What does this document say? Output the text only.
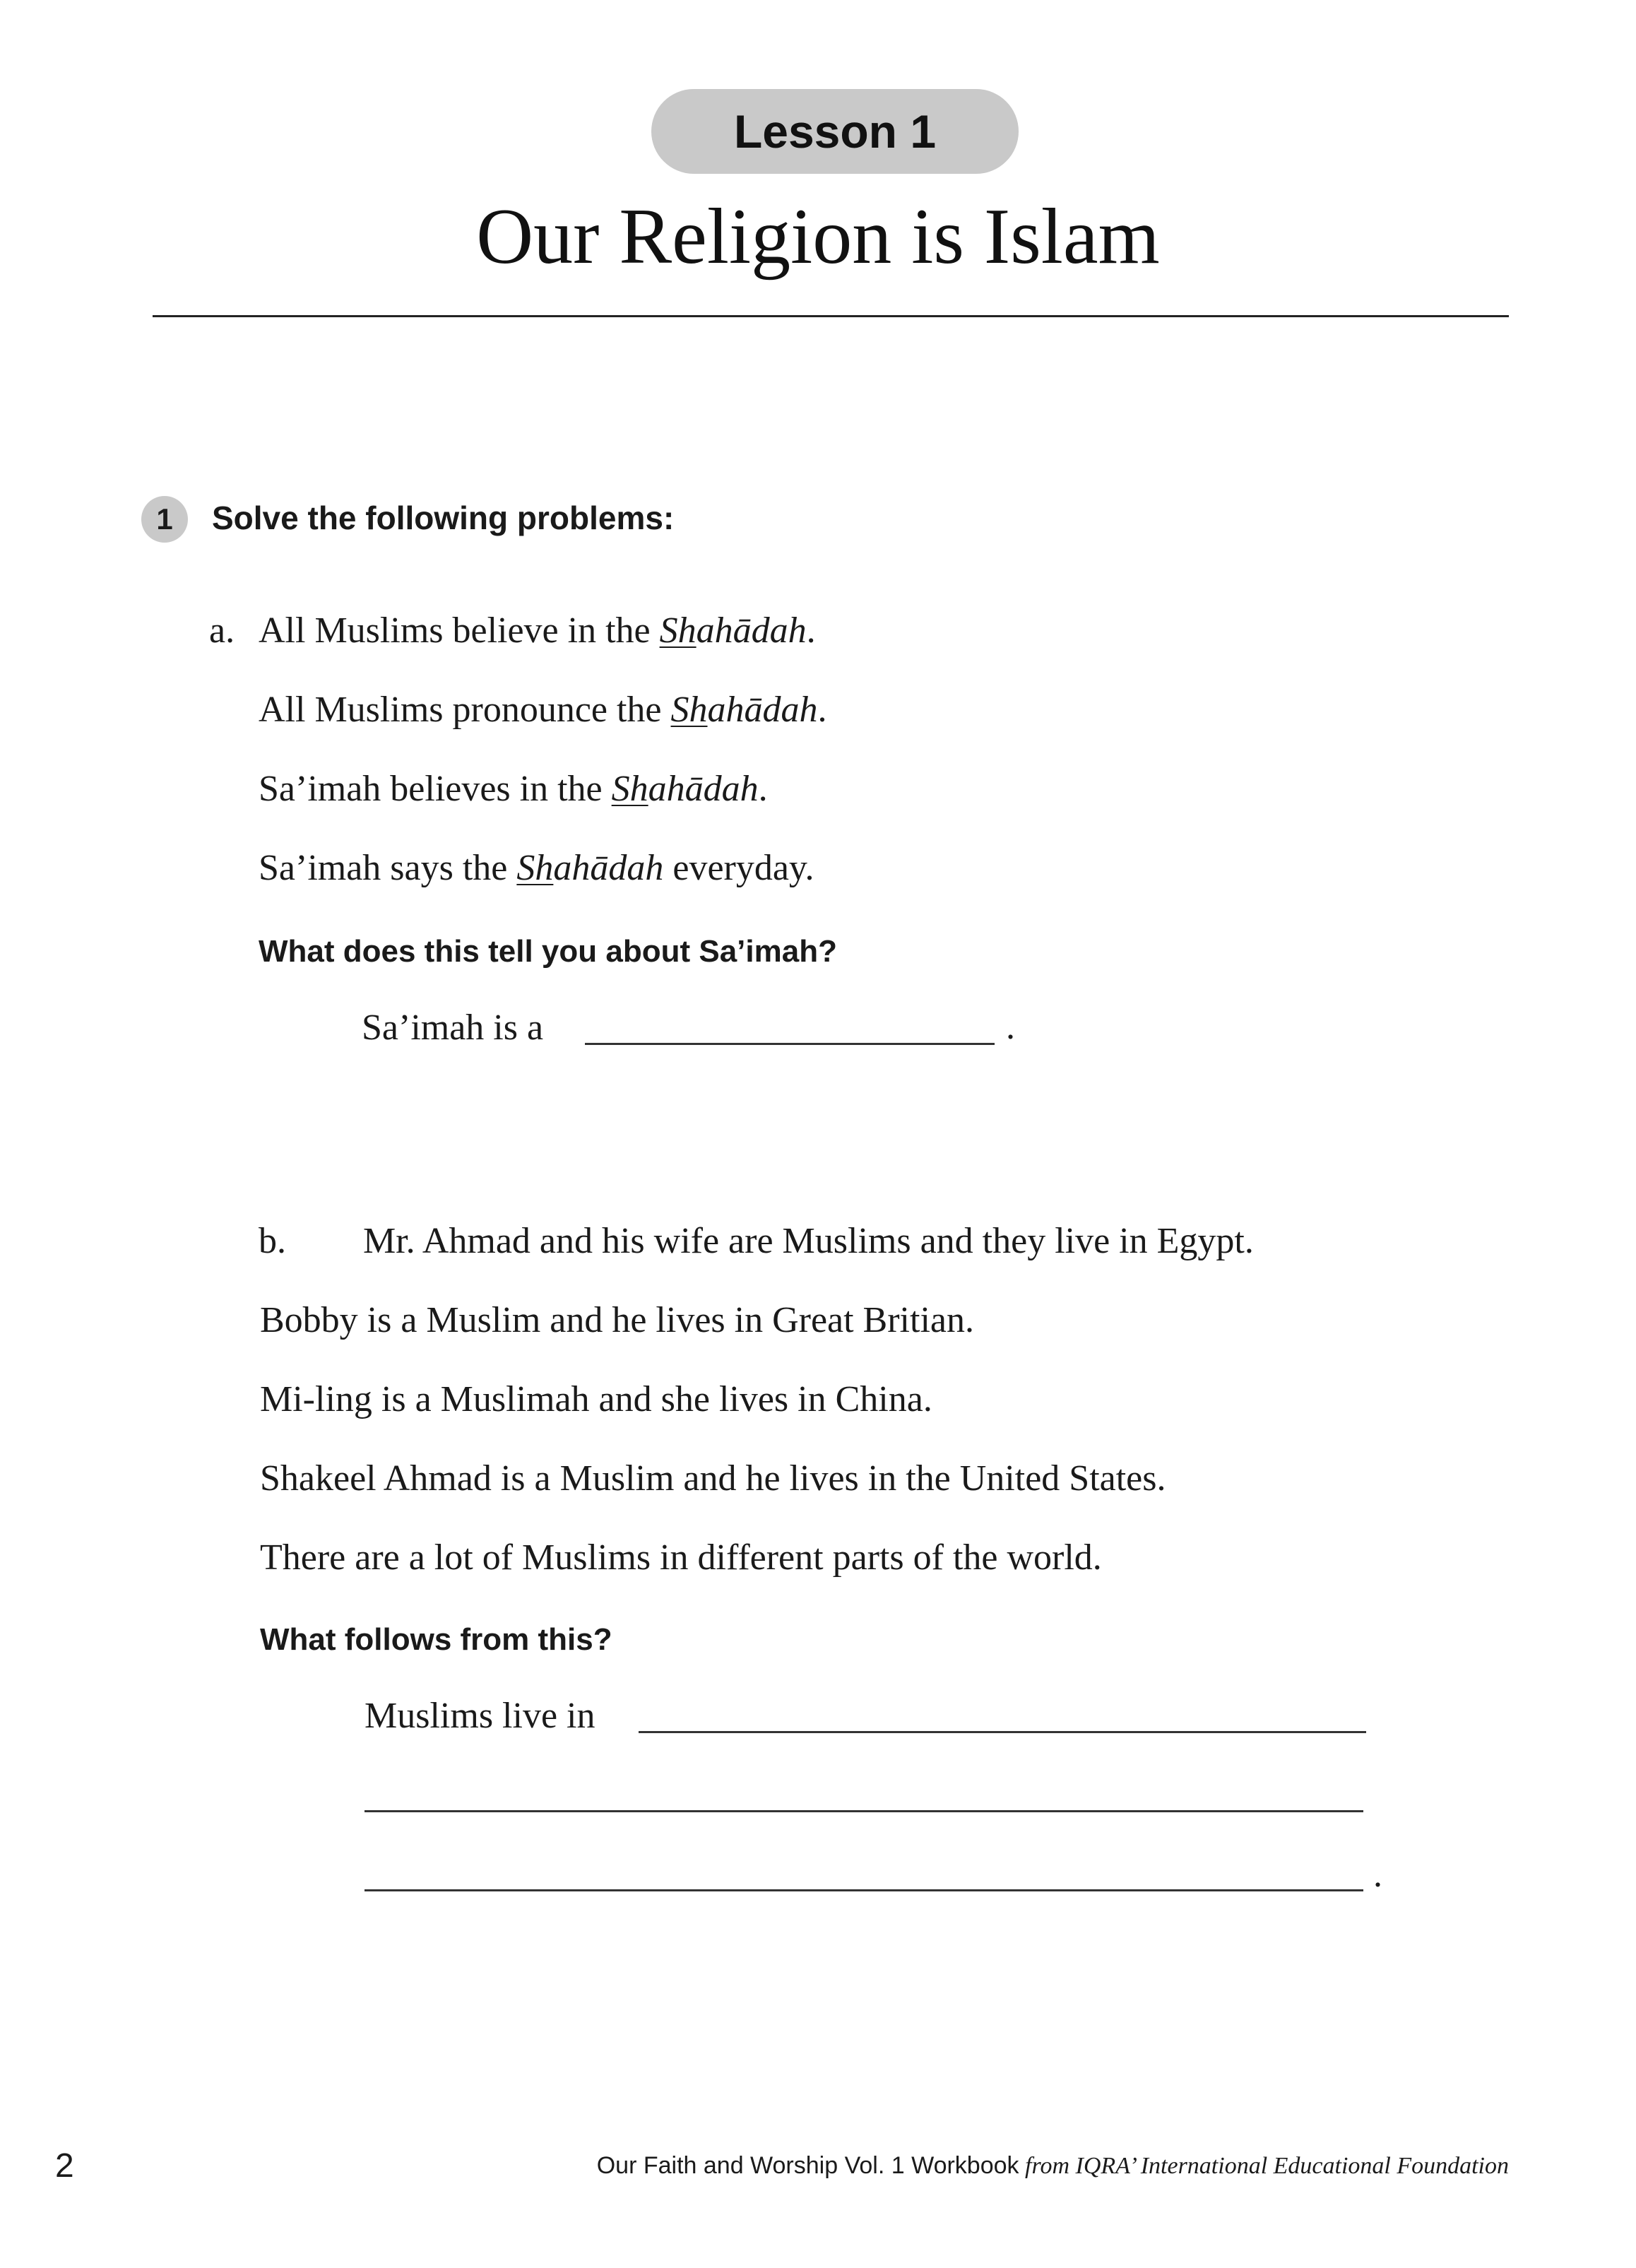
Lesson 1
Our Religion is Islam
1 Solve the following problems:
a. All Muslims believe in the Shahādah.
All Muslims pronounce the Shahādah.
Sa’imah believes in the Shahādah.
Sa’imah says the Shahādah everyday.
What does this tell you about Sa’imah?
Sa’imah is a	.
b. Mr. Ahmad and his wife are Muslims and they live in Egypt.
Bobby is a Muslim and he lives in Great Britian.
Mi-ling is a Muslimah and she lives in China.
Shakeel Ahmad is a Muslim and he lives in the United States.
There are a lot of Muslims in different parts of the world.
What follows from this?
Muslims live in
.
2	Our Faith and Worship Vol. 1 Workbook from IQRA’ International Educational Foundation
